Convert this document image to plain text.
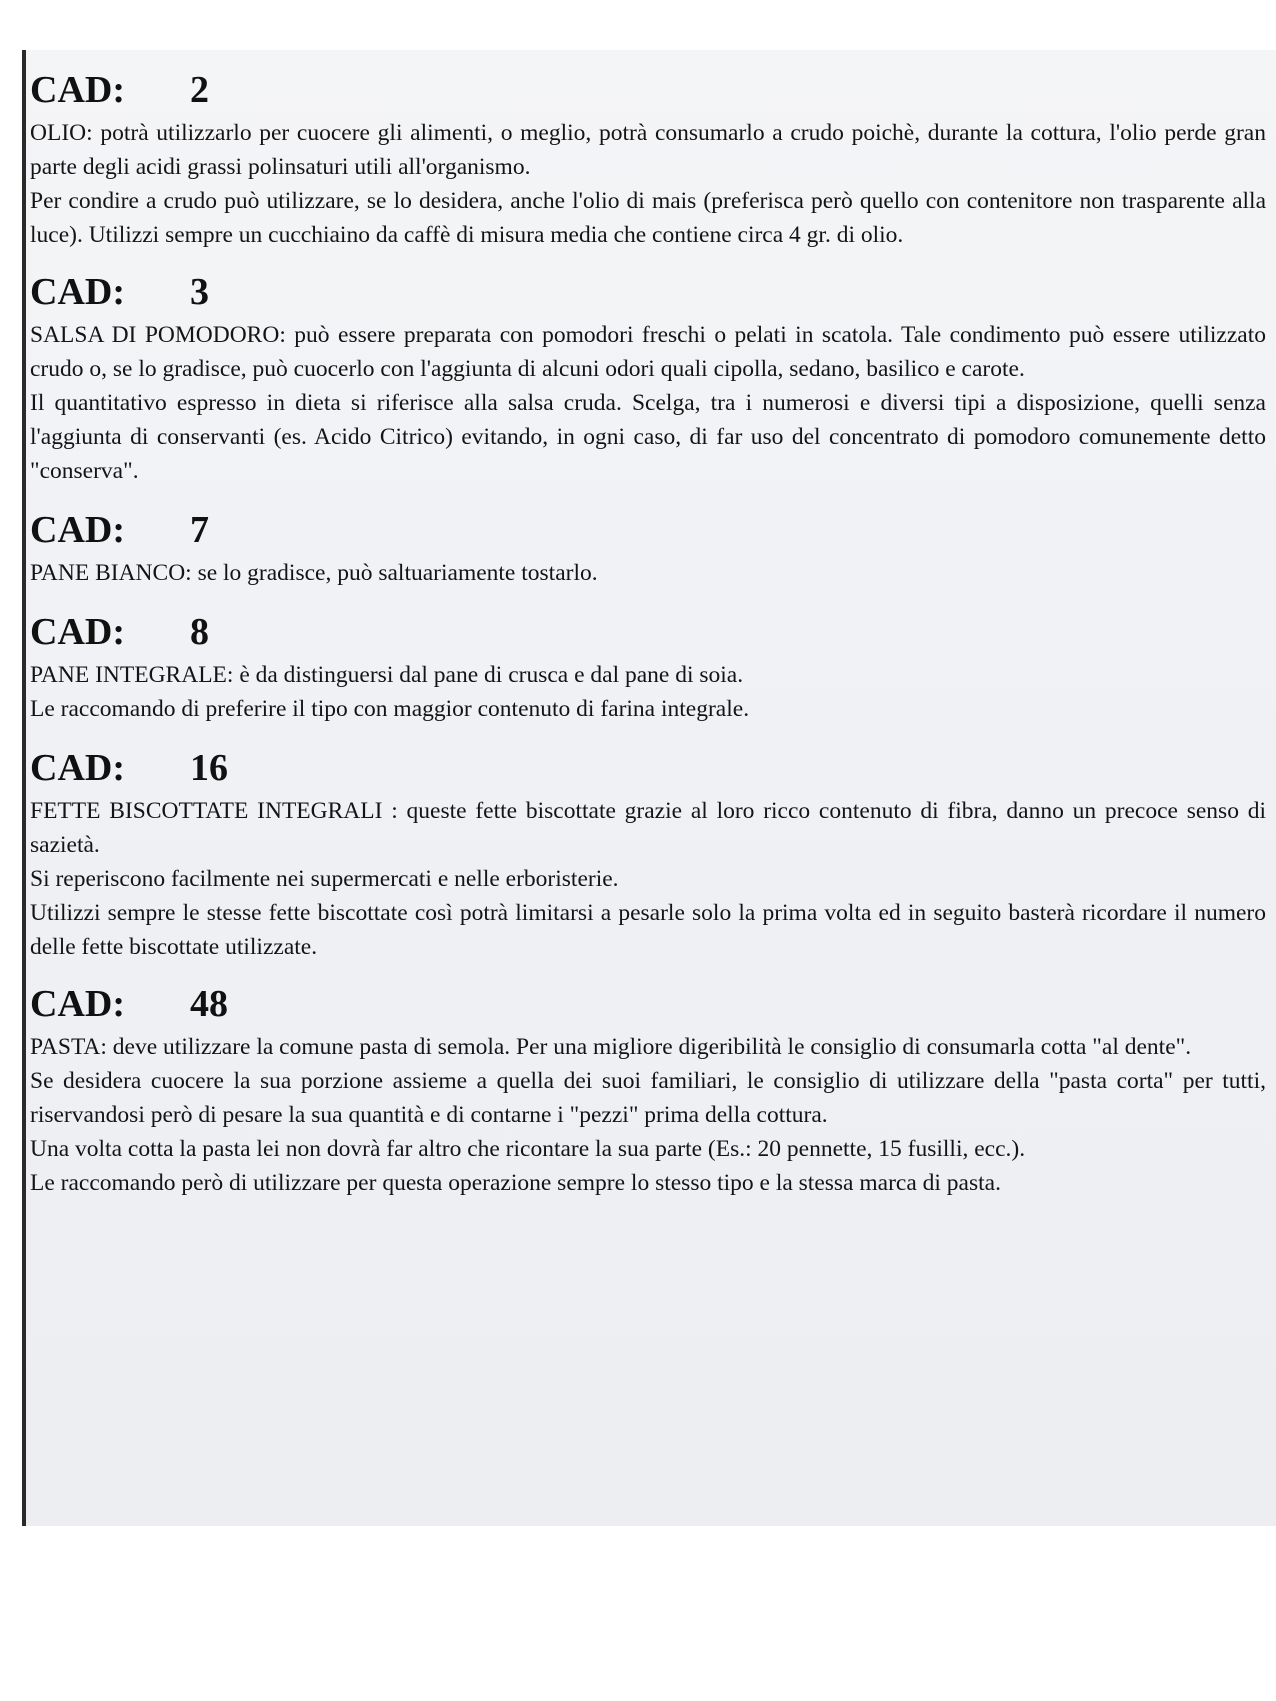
CAD:	2

OLIO: potrà utilizzarlo per cuocere gli alimenti, o meglio, potrà consumarlo a crudo poichè, durante la cottura, l'olio perde gran parte degli acidi grassi polinsaturi utili all'organismo.

Per condire a crudo può utilizzare, se lo desidera, anche l'olio di mais (preferisca però quello con contenitore non trasparente alla luce). Utilizzi sempre un cucchiaino da caffè di misura media che contiene circa 4 gr. di olio.

CAD:	3

SALSA DI POMODORO: può essere preparata con pomodori freschi o pelati in scatola. Tale condimento può essere utilizzato crudo o, se lo gradisce, può cuocerlo con l'aggiunta di alcuni odori quali cipolla, sedano, basilico e carote.

Il quantitativo espresso in dieta si riferisce alla salsa cruda. Scelga, tra i numerosi e diversi tipi a disposizione, quelli senza l'aggiunta di conservanti (es. Acido Citrico) evitando, in ogni caso, di far uso del concentrato di pomodoro comunemente detto "conserva".

CAD:	7

PANE BIANCO: se lo gradisce, può saltuariamente tostarlo.

CAD:	8

PANE INTEGRALE: è da distinguersi dal pane di crusca e dal pane di soia.

Le raccomando di preferire il tipo con maggior contenuto di farina integrale.

CAD:	16

FETTE BISCOTTATE INTEGRALI : queste fette biscottate grazie al loro ricco contenuto di fibra, danno un precoce senso di sazietà.

Si reperiscono facilmente nei supermercati e nelle erboristerie.

Utilizzi sempre le stesse fette biscottate così potrà limitarsi a pesarle solo la prima volta ed in seguito basterà ricordare il numero delle fette biscottate utilizzate.

CAD:	48

PASTA: deve utilizzare la comune pasta di semola. Per una migliore digeribilità le consiglio di consumarla cotta "al dente".

Se desidera cuocere la sua porzione assieme a quella dei suoi familiari, le consiglio di utilizzare della "pasta corta" per tutti, riservandosi però di pesare la sua quantità e di contarne i "pezzi" prima della cottura.

Una volta cotta la pasta lei non dovrà far altro che ricontare la sua parte (Es.: 20 pennette, 15 fusilli, ecc.).

Le raccomando però di utilizzare per questa operazione sempre lo stesso tipo e la stessa marca di pasta.
